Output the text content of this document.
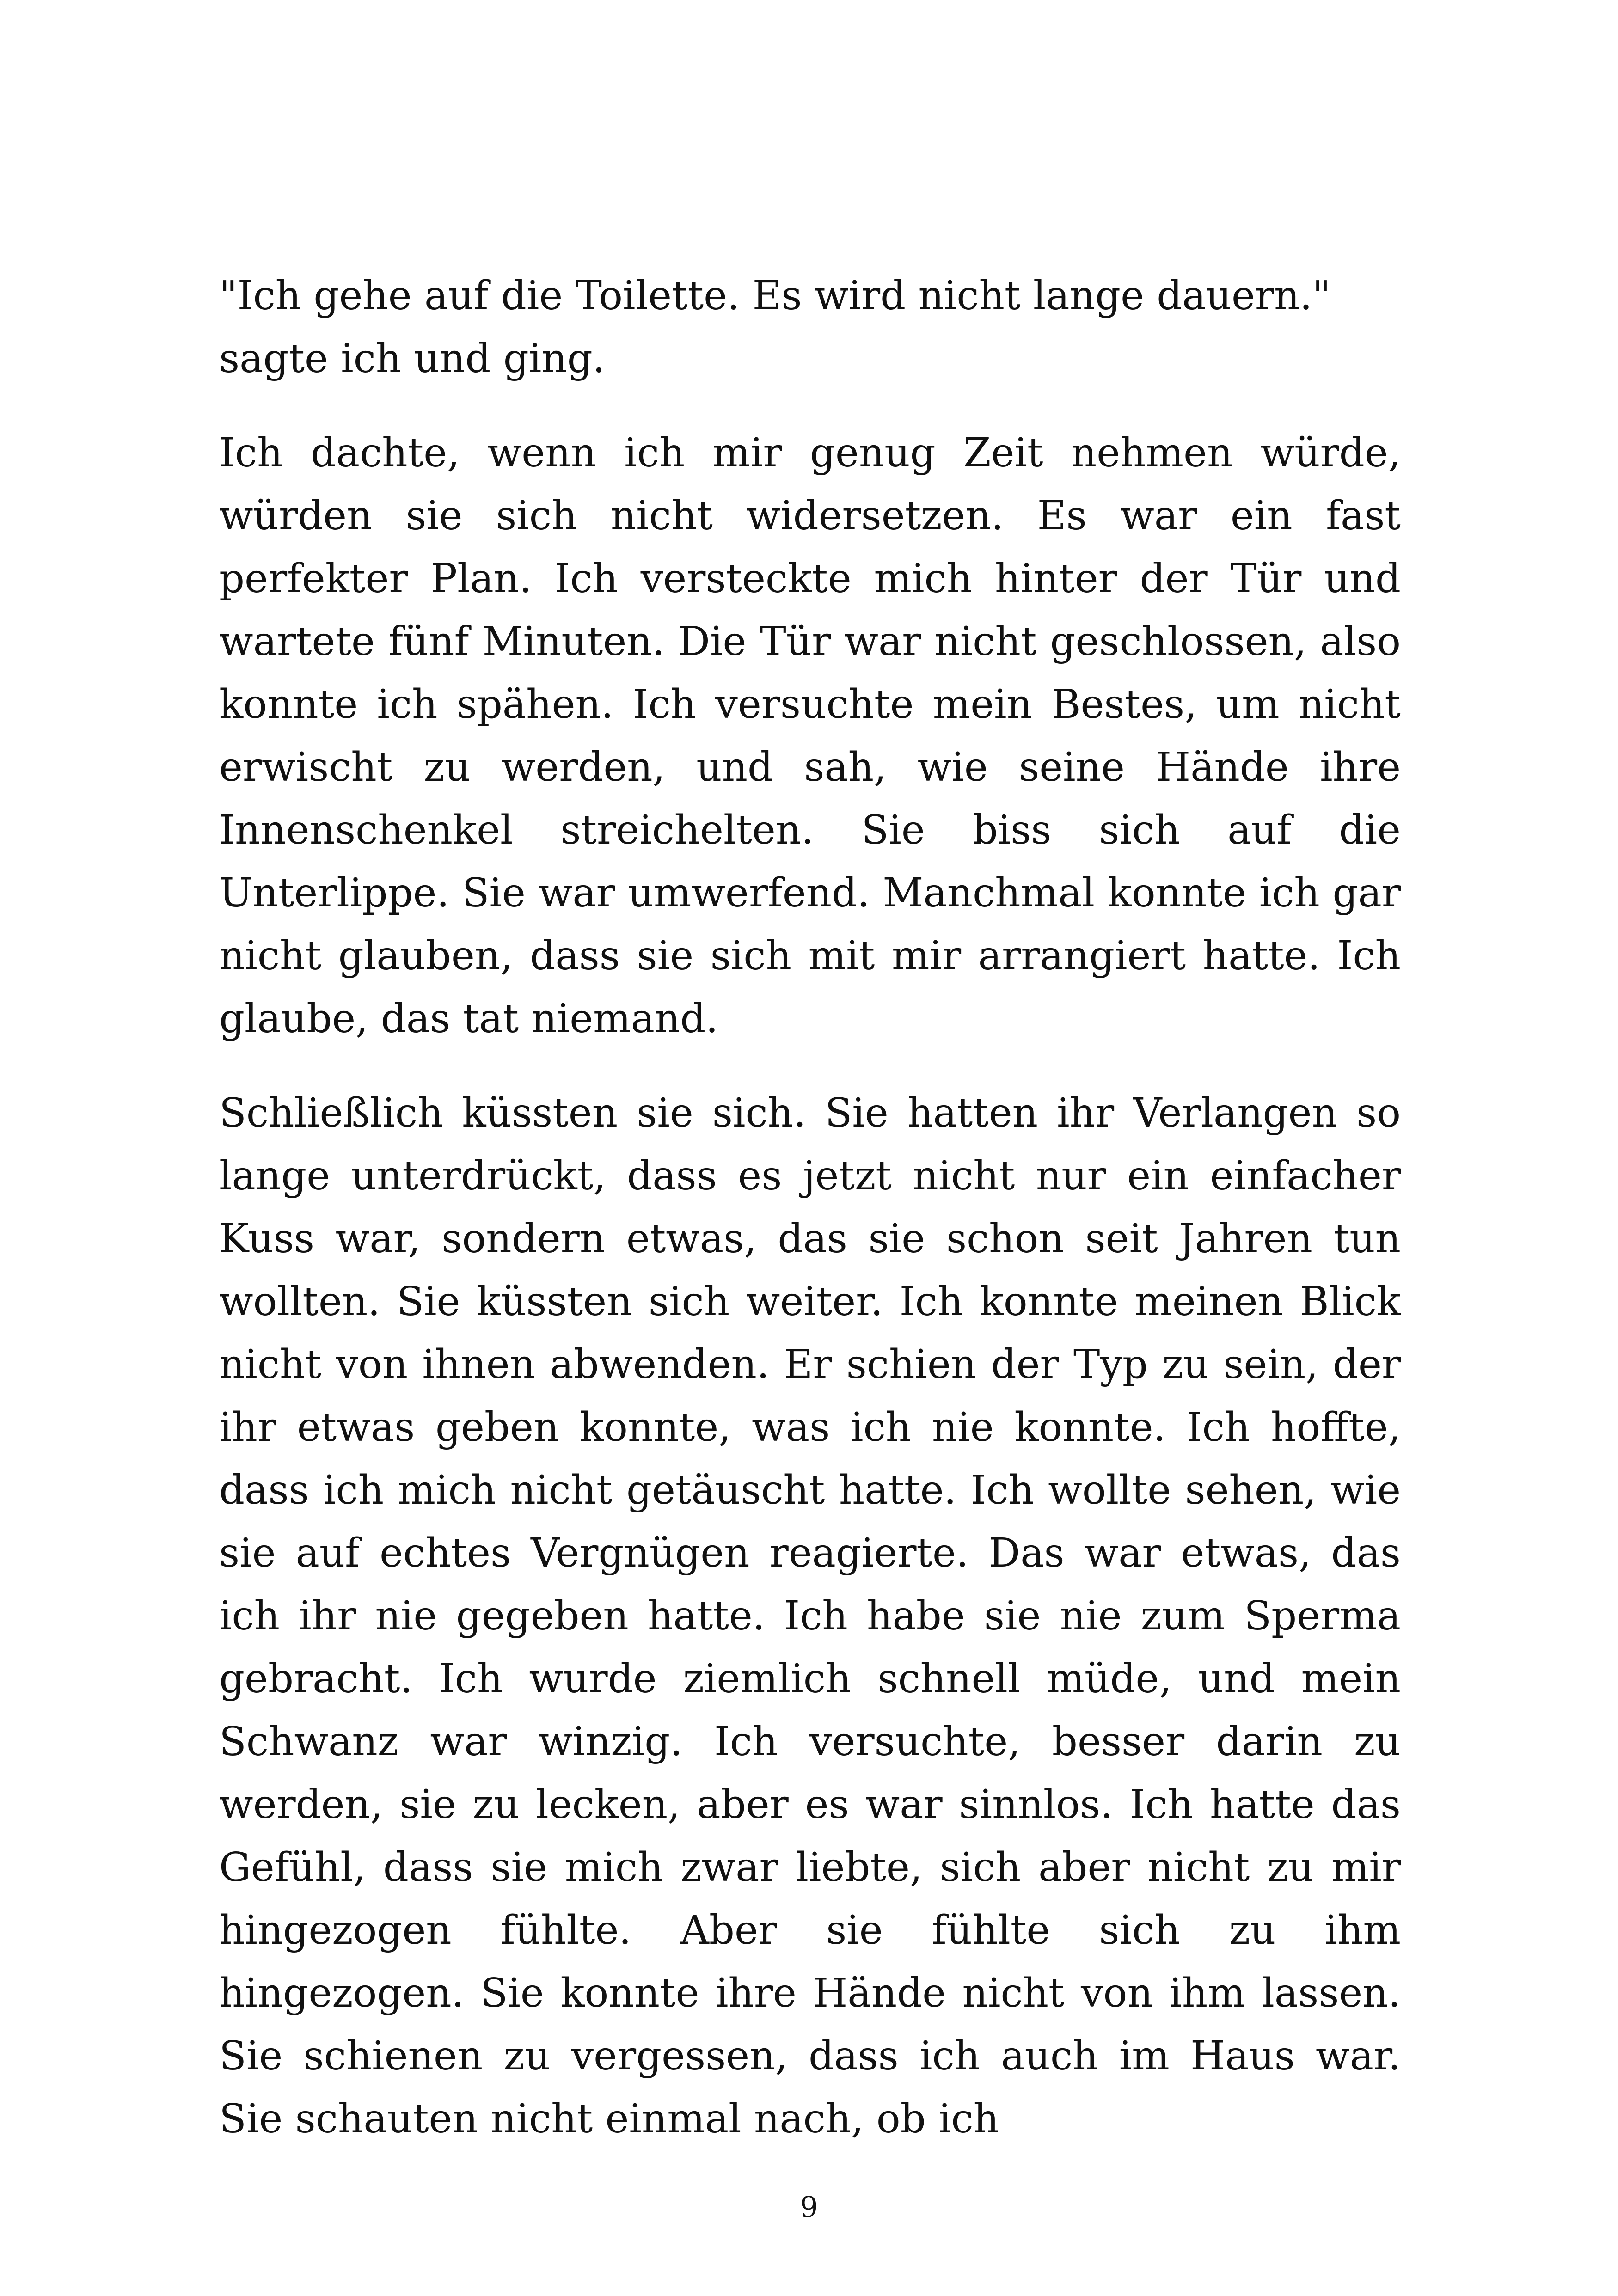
"Ich gehe auf die Toilette. Es wird nicht lange dauern." sagte ich und ging.

Ich dachte, wenn ich mir genug Zeit nehmen würde, würden sie sich nicht widersetzen. Es war ein fast perfekter Plan. Ich versteckte mich hinter der Tür und wartete fünf Minuten. Die Tür war nicht geschlossen, also konnte ich spähen. Ich versuchte mein Bestes, um nicht erwischt zu werden, und sah, wie seine Hände ihre Innenschenkel streichelten. Sie biss sich auf die Unterlippe. Sie war umwerfend. Manchmal konnte ich gar nicht glauben, dass sie sich mit mir arrangiert hatte. Ich glaube, das tat niemand.

Schließlich küssten sie sich. Sie hatten ihr Verlangen so lange unterdrückt, dass es jetzt nicht nur ein einfacher Kuss war, sondern etwas, das sie schon seit Jahren tun wollten. Sie küssten sich weiter. Ich konnte meinen Blick nicht von ihnen abwenden. Er schien der Typ zu sein, der ihr etwas geben konnte, was ich nie konnte. Ich hoffte, dass ich mich nicht getäuscht hatte. Ich wollte sehen, wie sie auf echtes Vergnügen reagierte. Das war etwas, das ich ihr nie gegeben hatte. Ich habe sie nie zum Sperma gebracht. Ich wurde ziemlich schnell müde, und mein Schwanz war winzig. Ich versuchte, besser darin zu werden, sie zu lecken, aber es war sinnlos. Ich hatte das Gefühl, dass sie mich zwar liebte, sich aber nicht zu mir hingezogen fühlte. Aber sie fühlte sich zu ihm hingezogen. Sie konnte ihre Hände nicht von ihm lassen. Sie schienen zu vergessen, dass ich auch im Haus war. Sie schauten nicht einmal nach, ob ich

9
